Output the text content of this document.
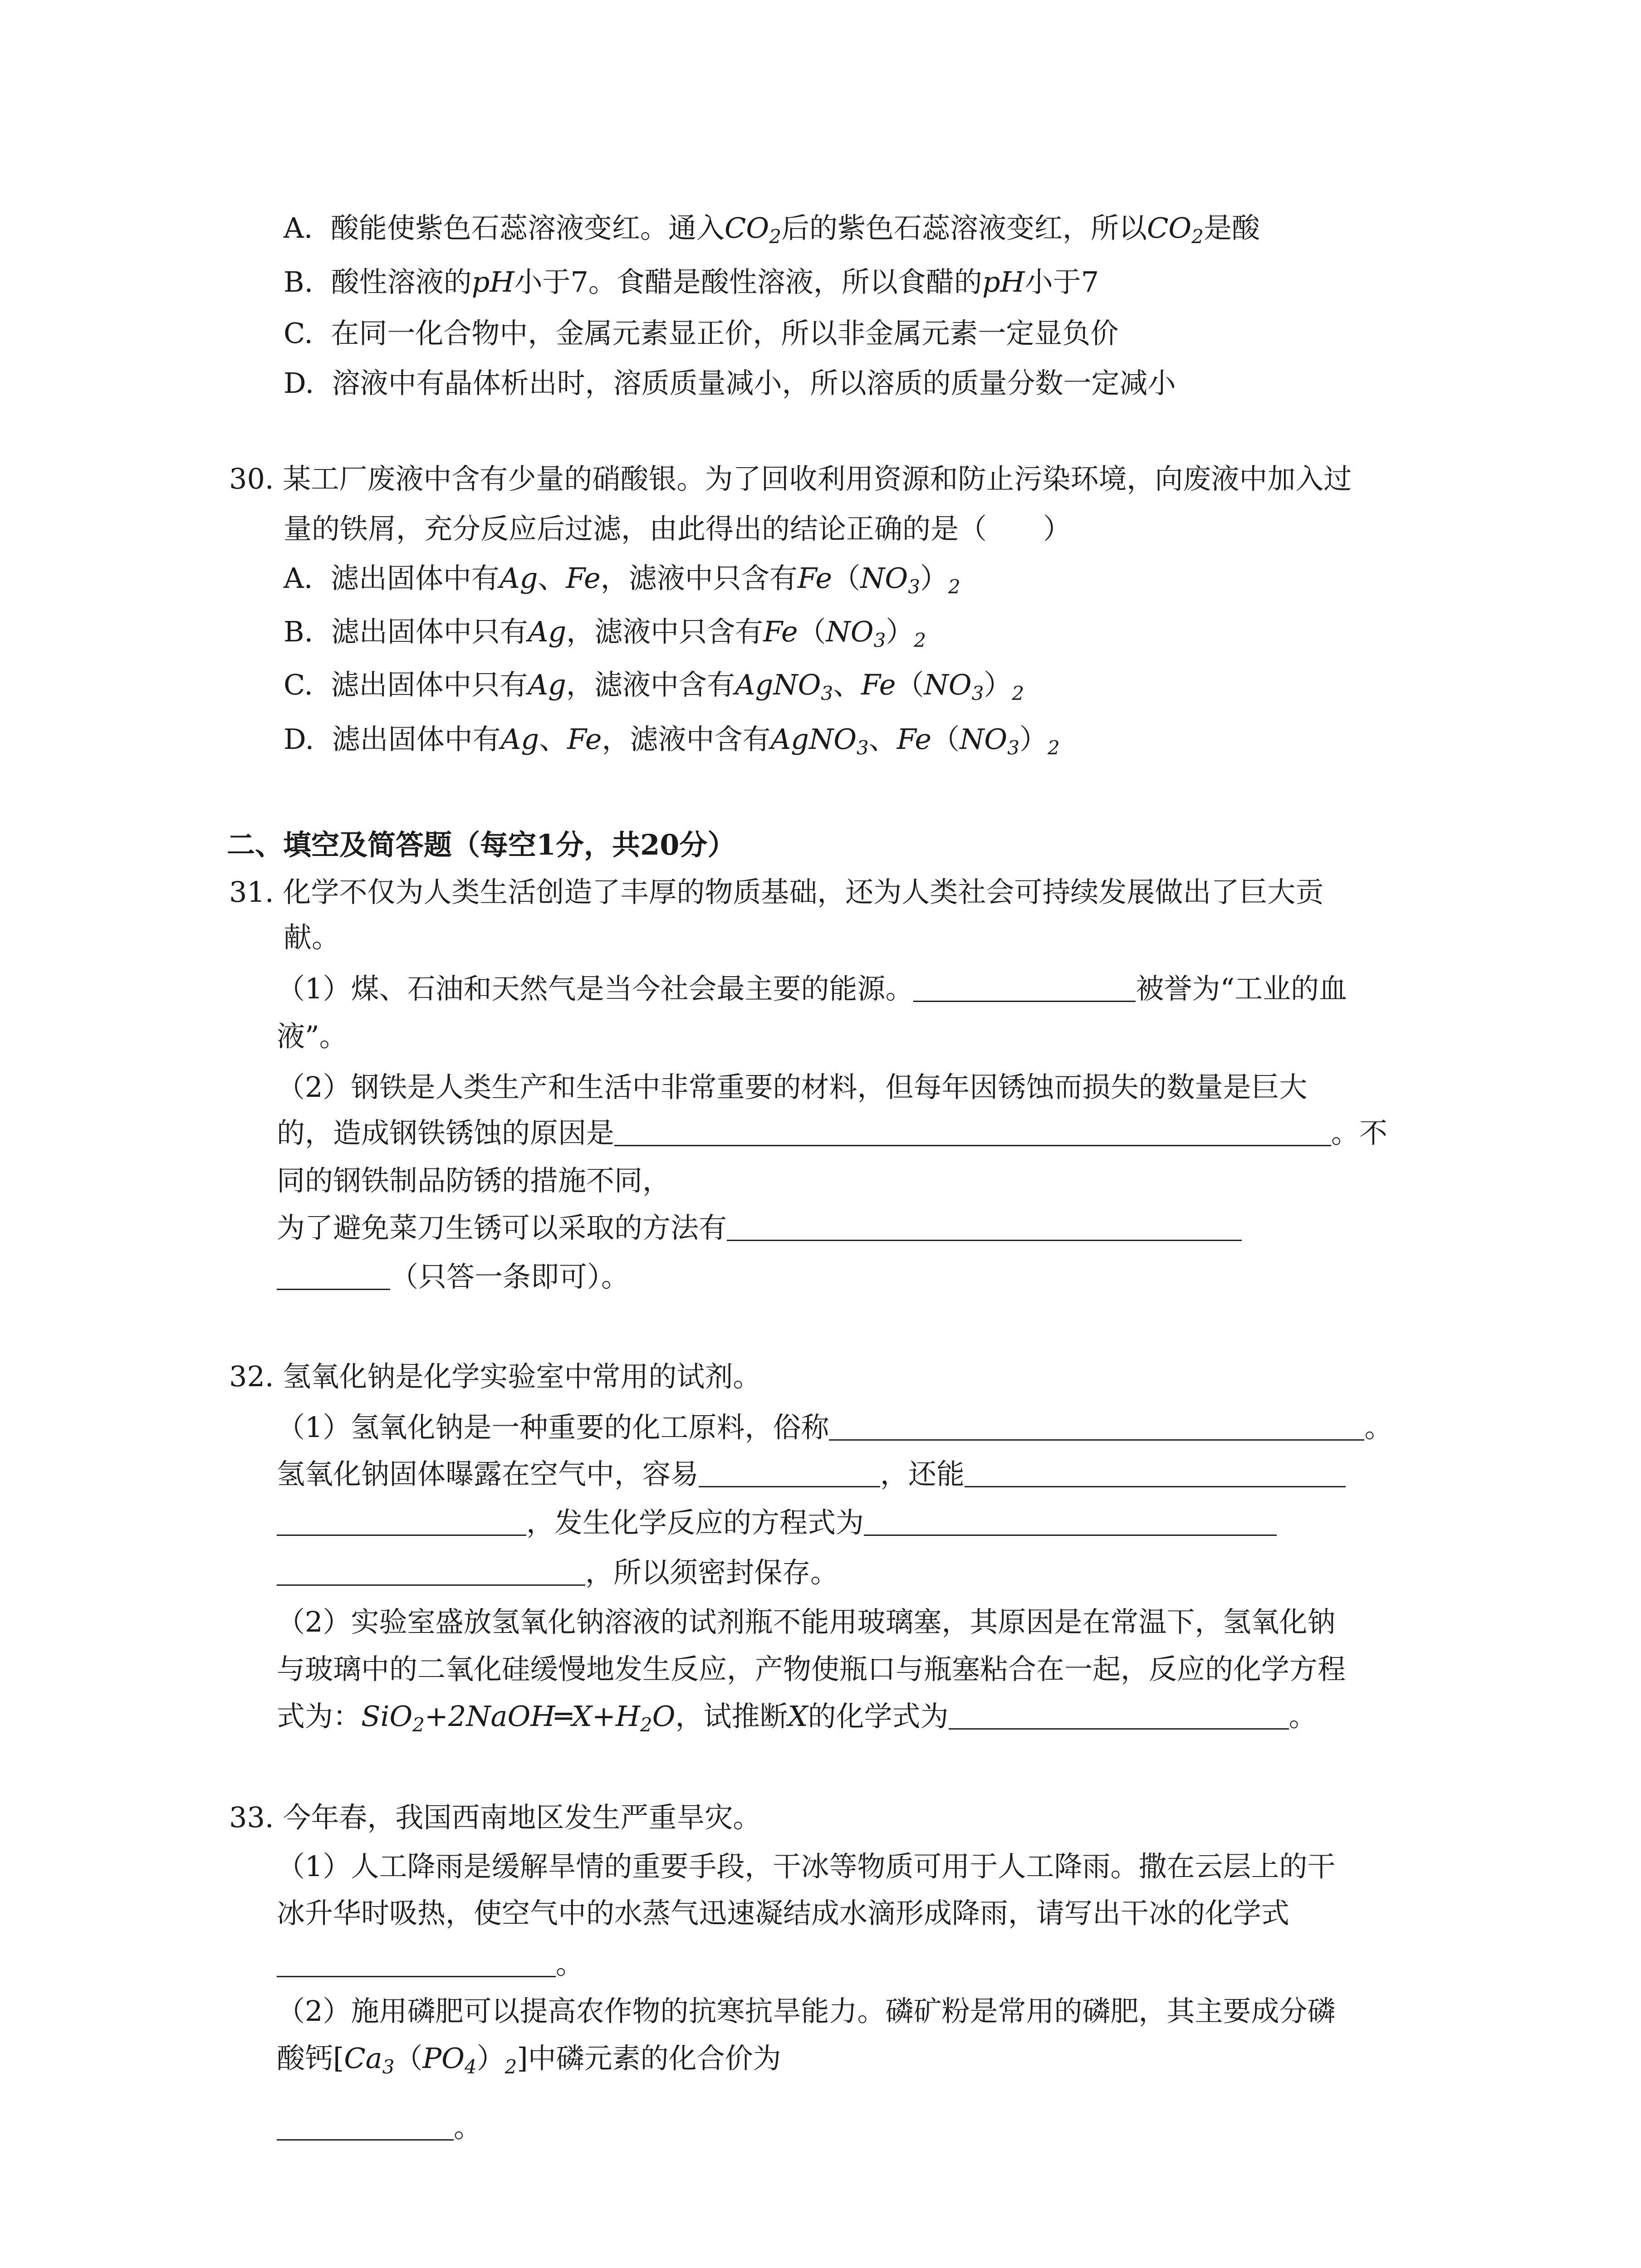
A. 酸能使紫色石蕊溶液变红。通入$CO_2$后的紫色石蕊溶液变红，所以$CO_2$是酸
B. 酸性溶液的pH小于7。食醋是酸性溶液，所以食醋的pH小于7
C. 在同一化合物中，金属元素显正价，所以非金属元素一定显负价
D. 溶液中有晶体析出时，溶质质量减小，所以溶质的质量分数一定减小
30. 某工厂废液中含有少量的硝酸银。为了回收利用资源和防止污染环境，向废液中加入过
量的铁屑，充分反应后过滤，由此得出的结论正确的是（　　）
A. 滤出固体中有Ag、Fe，滤液中只含有$Fe(NO_3)_2$
B. 滤出固体中只有Ag，滤液中只含有$Fe(NO_3)_2$
C. 滤出固体中只有Ag，滤液中含有AgNO$_3$、$Fe(NO_3)_2$
D. 滤出固体中有Ag、Fe，滤液中含有AgNO$_3$、$Fe(NO_3)_2$
二、填空及简答题（每空1分，共20分）
31. 化学不仅为人类生活创造了丰厚的物质基础，还为人类社会可持续发展做出了巨大贡
献。
（1）煤、石油和天然气是当今社会最主要的能源。	被誉为“工业的血
液”。
（2）钢铁是人类生产和生活中非常重要的材料，但每年因锈蚀而损失的数量是巨大
的，造成钢铁锈蚀的原因是	。不
同的钢铁制品防锈的措施不同，
为了避免菜刀生锈可以采取的方法有
（只答一条即可）。
32. 氢氧化钠是化学实验室中常用的试剂。
（1）氢氧化钠是一种重要的化工原料，俗称	。
氢氧化钠固体曝露在空气中，容易	，还能
，发生化学反应的方程式为
，所以须密封保存。
（2）实验室盛放氢氧化钠溶液的试剂瓶不能用玻璃塞，其原因是在常温下，氢氧化钠
与玻璃中的二氧化硅缓慢地发生反应，产物使瓶口与瓶塞粘合在一起，反应的化学方程
式为：$SiO_2+2NaOH═X+H_2O$，试推断X的化学式为	。
33. 今年春，我国西南地区发生严重旱灾。
（1）人工降雨是缓解旱情的重要手段，干冰等物质可用于人工降雨。撒在云层上的干
冰升华时吸热，使空气中的水蒸气迅速凝结成水滴形成降雨，请写出干冰的化学式
。
（2）施用磷肥可以提高农作物的抗寒抗旱能力。磷矿粉是常用的磷肥，其主要成分磷
酸钙$[Ca_3(PO_4)_2]$中磷元素的化合价为
。
